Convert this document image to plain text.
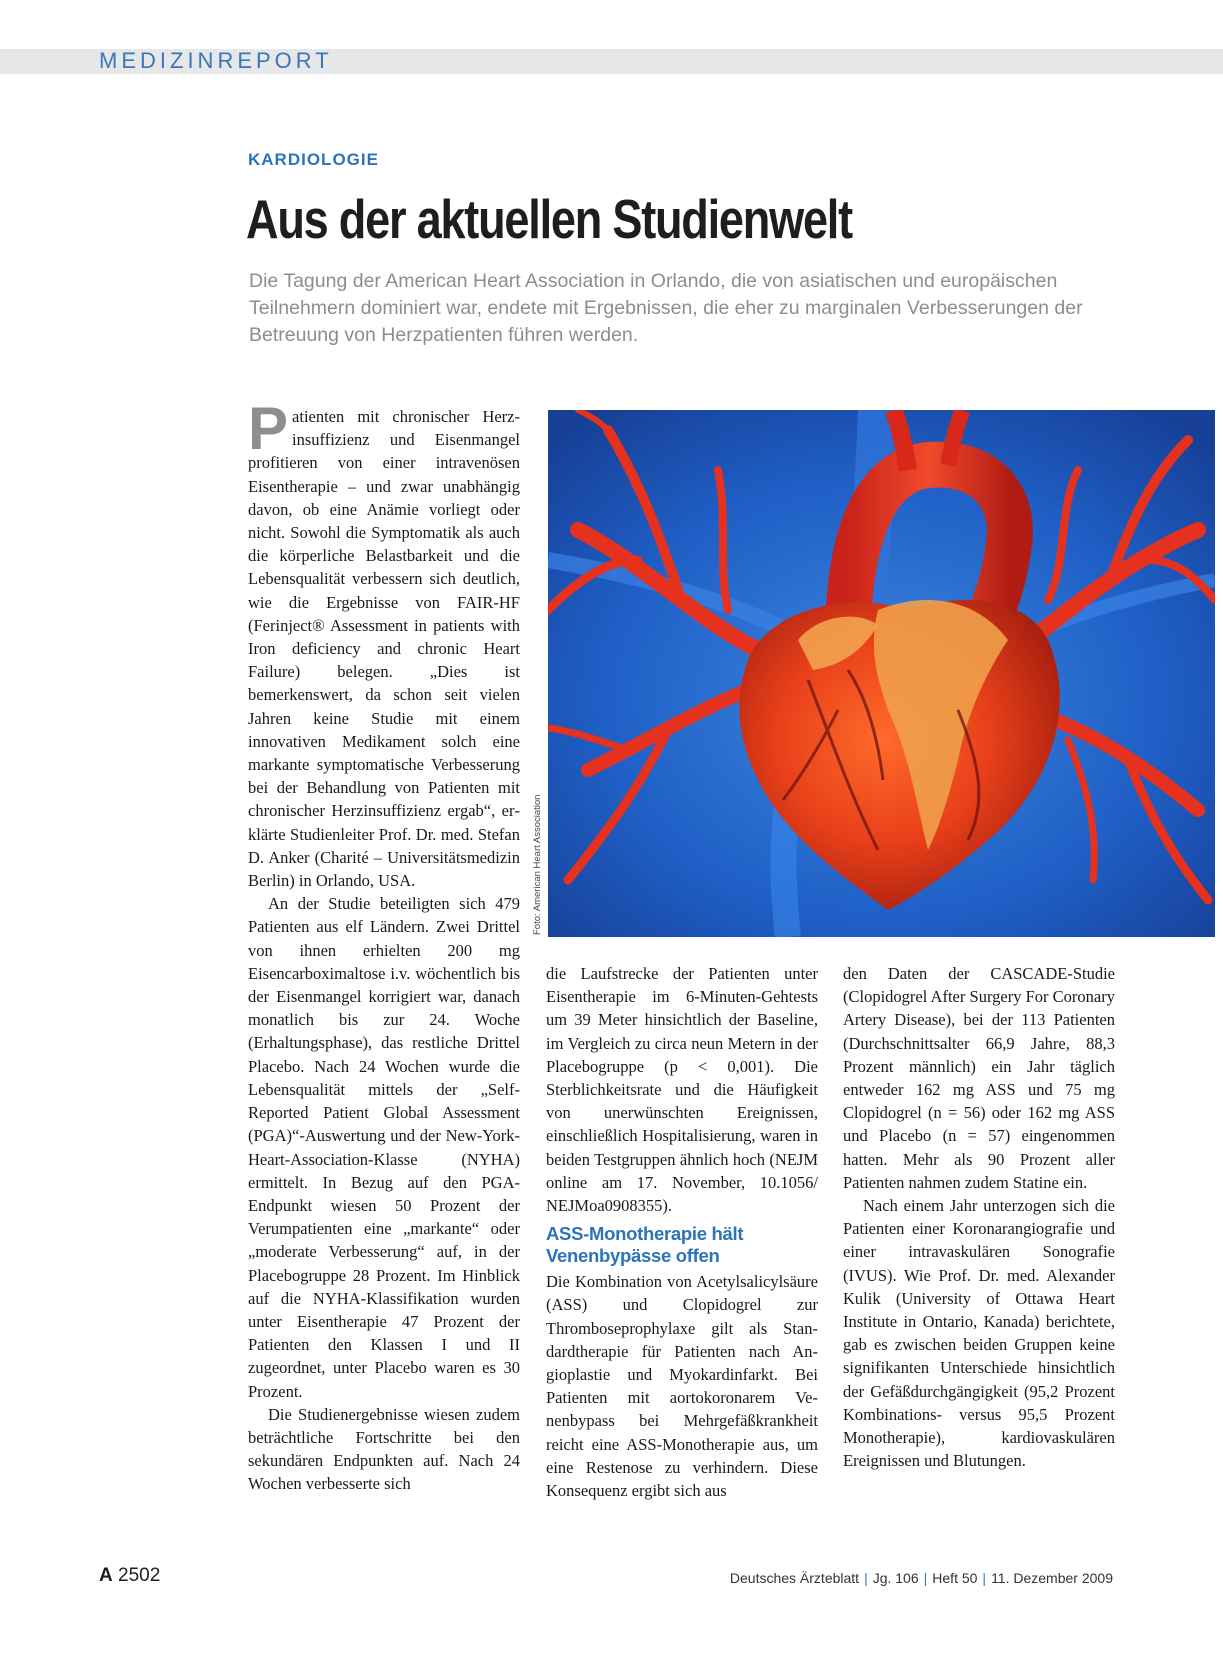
MEDIZINREPORT
KARDIOLOGIE
Aus der aktuellen Studienwelt

Die Tagung der American Heart Association in Orlando, die von asiatischen und europäischen Teilnehmern dominiert war, endete mit Ergebnissen, die eher zu marginalen Verbesserungen der Betreuung von Herzpatienten führen werden.

Patienten mit chronischer Herzinsuffizienz und Eisenmangel profitieren von einer intravenösen Eisentherapie – und zwar unabhängig davon, ob eine Anämie vorliegt oder nicht. Sowohl die Symptomatik als auch die körperliche Belastbarkeit und die Lebensqualität verbessern sich deutlich, wie die Ergebnisse von FAIR-HF (Ferinject® Assessment in patients with Iron deficiency and chronic Heart Failure) belegen. „Dies ist bemerkenswert, da schon seit vielen Jahren keine Studie mit einem innovativen Medikament solch eine markante symptomatische Verbesserung bei der Behandlung von Patienten mit chronischer Herzinsuffizienz ergab“, erklärte Studienleiter Prof. Dr. med. Stefan D. Anker (Charité – Universitätsmedizin Berlin) in Orlando, USA.

An der Studie beteiligten sich 479 Patienten aus elf Ländern. Zwei Drittel von ihnen erhielten 200 mg Eisencarboximaltose i.v. wöchentlich bis der Eisenmangel korrigiert war, danach monatlich bis zur 24. Woche (Erhaltungsphase), das restliche Drittel Placebo. Nach 24 Wochen wurde die Lebensqualität mittels der „Self-Reported Patient Global Assessment (PGA)“-Auswertung und der New-York-Heart-Association-Klasse (NYHA) ermittelt. In Bezug auf den PGA-Endpunkt wiesen 50 Prozent der Verumpatienten eine „markante“ oder „moderate Verbesserung“ auf, in der Placebogruppe 28 Prozent. Im Hinblick auf die NYHA-Klassifikation wurden unter Eisentherapie 47 Prozent der Patienten den Klassen I und II zugeordnet, unter Placebo waren es 30 Prozent.

Die Studienergebnisse wiesen zudem beträchtliche Fortschritte bei den sekundären Endpunkten auf. Nach 24 Wochen verbesserte sich

Foto: American Heart Association

die Laufstrecke der Patienten unter Eisentherapie im 6-Minuten-Gehtests um 39 Meter hinsichtlich der Baseline, im Vergleich zu circa neun Metern in der Placebogruppe (p < 0,001). Die Sterblichkeitsrate und die Häufigkeit von unerwünschten Ereignissen, einschließlich Hospitalisierung, waren in beiden Testgruppen ähnlich hoch (NEJM online am 17. November, 10.1056/ NEJMoa0908355).

ASS-Monotherapie hält Venenbypässe offen

Die Kombination von Acetylsalicylsäure (ASS) und Clopidogrel zur Thromboseprophylaxe gilt als Standardtherapie für Patienten nach Angioplastie und Myokardinfarkt. Bei Patienten mit aortokoronarem Venenbypass bei Mehrgefäßkrankheit reicht eine ASS-Monotherapie aus, um eine Restenose zu verhindern. Diese Konsequenz ergibt sich aus

den Daten der CASCADE-Studie (Clopidogrel After Surgery For Coronary Artery Disease), bei der 113 Patienten (Durchschnittsalter 66,9 Jahre, 88,3 Prozent männlich) ein Jahr täglich entweder 162 mg ASS und 75 mg Clopidogrel (n = 56) oder 162 mg ASS und Placebo (n = 57) eingenommen hatten. Mehr als 90 Prozent aller Patienten nahmen zudem Statine ein.

Nach einem Jahr unterzogen sich die Patienten einer Koronarangiografie und einer intravaskulären Sonografie (IVUS). Wie Prof. Dr. med. Alexander Kulik (University of Ottawa Heart Institute in Ontario, Kanada) berichtete, gab es zwischen beiden Gruppen keine signifikanten Unterschiede hinsichtlich der Gefäßdurchgängigkeit (95,2 Prozent Kombinations- versus 95,5 Prozent Monotherapie), kardiovaskulären Ereignissen und Blutungen.

A 2502	Deutsches Ärzteblatt | Jg. 106 | Heft 50 | 11. Dezember 2009
